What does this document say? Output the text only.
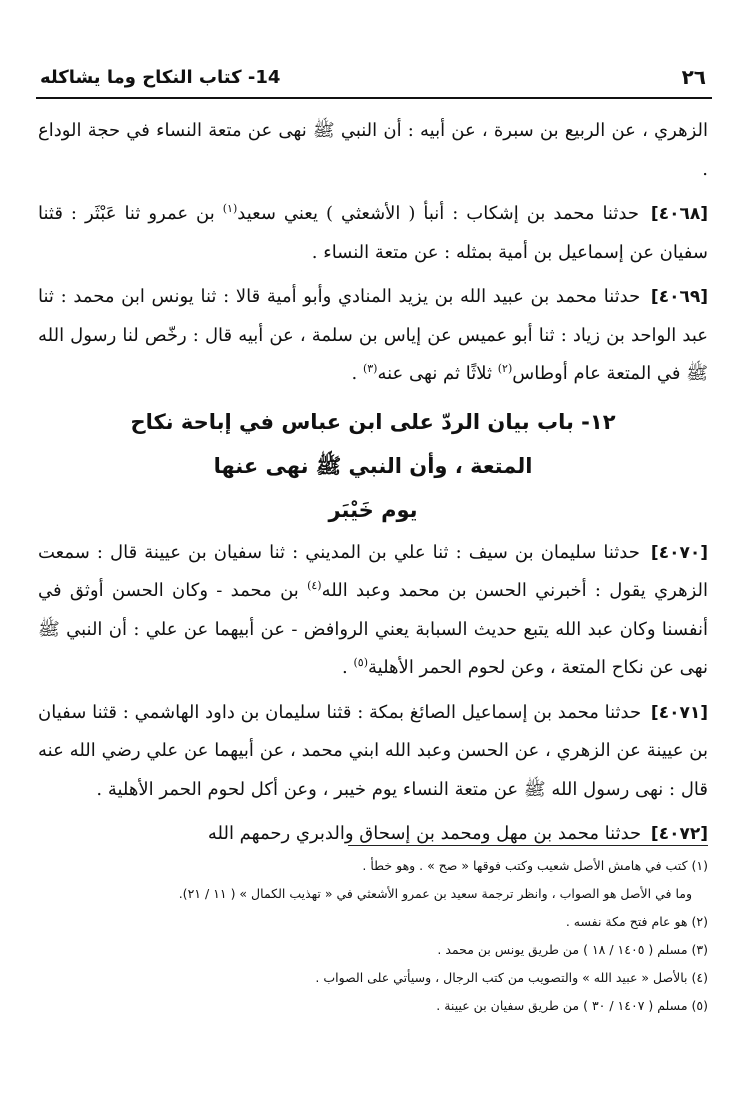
٢٦
14- كتاب النكاح وما يشاكله

الزهري ، عن الربيع بن سبرة ، عن أبيه : أن النبي ﷺ نهى عن متعة النساء في حجة الوداع .

[٤٠٦٨] حدثنا محمد بن إشكاب : أنبأ ( الأشعثي ) يعني سعيد$^{(١)}$ بن عمرو ثنا عَبْثَر : قثنا سفيان عن إسماعيل بن أمية بمثله : عن متعة النساء .

[٤٠٦٩] حدثنا محمد بن عبيد الله بن يزيد المنادي وأبو أمية قالا : ثنا يونس ابن محمد : ثنا عبد الواحد بن زياد : ثنا أبو عميس عن إياس بن سلمة ، عن أبيه قال : رخّص لنا رسول الله ﷺ في المتعة عام أوطاس$^{(٢)}$ ثلاثًا ثم نهى عنه$^{(٣)}$ .

١٢- باب بيان الردّ على ابن عباس في إباحة نكاح
المتعة ، وأن النبي ﷺ نهى عنها
يوم خَيْبَر

[٤٠٧٠] حدثنا سليمان بن سيف : ثنا علي بن المديني : ثنا سفيان بن عيينة قال : سمعت الزهري يقول : أخبرني الحسن بن محمد وعبد الله$^{(٤)}$ بن محمد - وكان الحسن أوثق في أنفسنا وكان عبد الله يتبع حديث السبابة يعني الروافض - عن أبيهما عن علي : أن النبي ﷺ نهى عن نكاح المتعة ، وعن لحوم الحمر الأهلية$^{(٥)}$ .

[٤٠٧١] حدثنا محمد بن إسماعيل الصائغ بمكة : قثنا سليمان بن داود الهاشمي : قثنا سفيان بن عيينة عن الزهري ، عن الحسن وعبد الله ابني محمد ، عن أبيهما عن علي رضي الله عنه قال : نهى رسول الله ﷺ عن متعة النساء يوم خيبر ، وعن أكل لحوم الحمر الأهلية .

[٤٠٧٢] حدثنا محمد بن مهل ومحمد بن إسحاق والدبري رحمهم الله

(١) كتب في هامش الأصل شعيب وكتب فوقها « صح » . وهو خطأ .
وما في الأصل هو الصواب ، وانظر ترجمة سعيد بن عمرو الأشعثي في « تهذيب الكمال » ( ١١ / ٢١).
(٢) هو عام فتح مكة نفسه .
(٣) مسلم ( ١٤٠٥ / ١٨ ) من طريق يونس بن محمد .
(٤) بالأصل « عبيد الله » والتصويب من كتب الرجال ، وسيأتي على الصواب .
(٥) مسلم ( ١٤٠٧ / ٣٠ ) من طريق سفيان بن عيينة .
